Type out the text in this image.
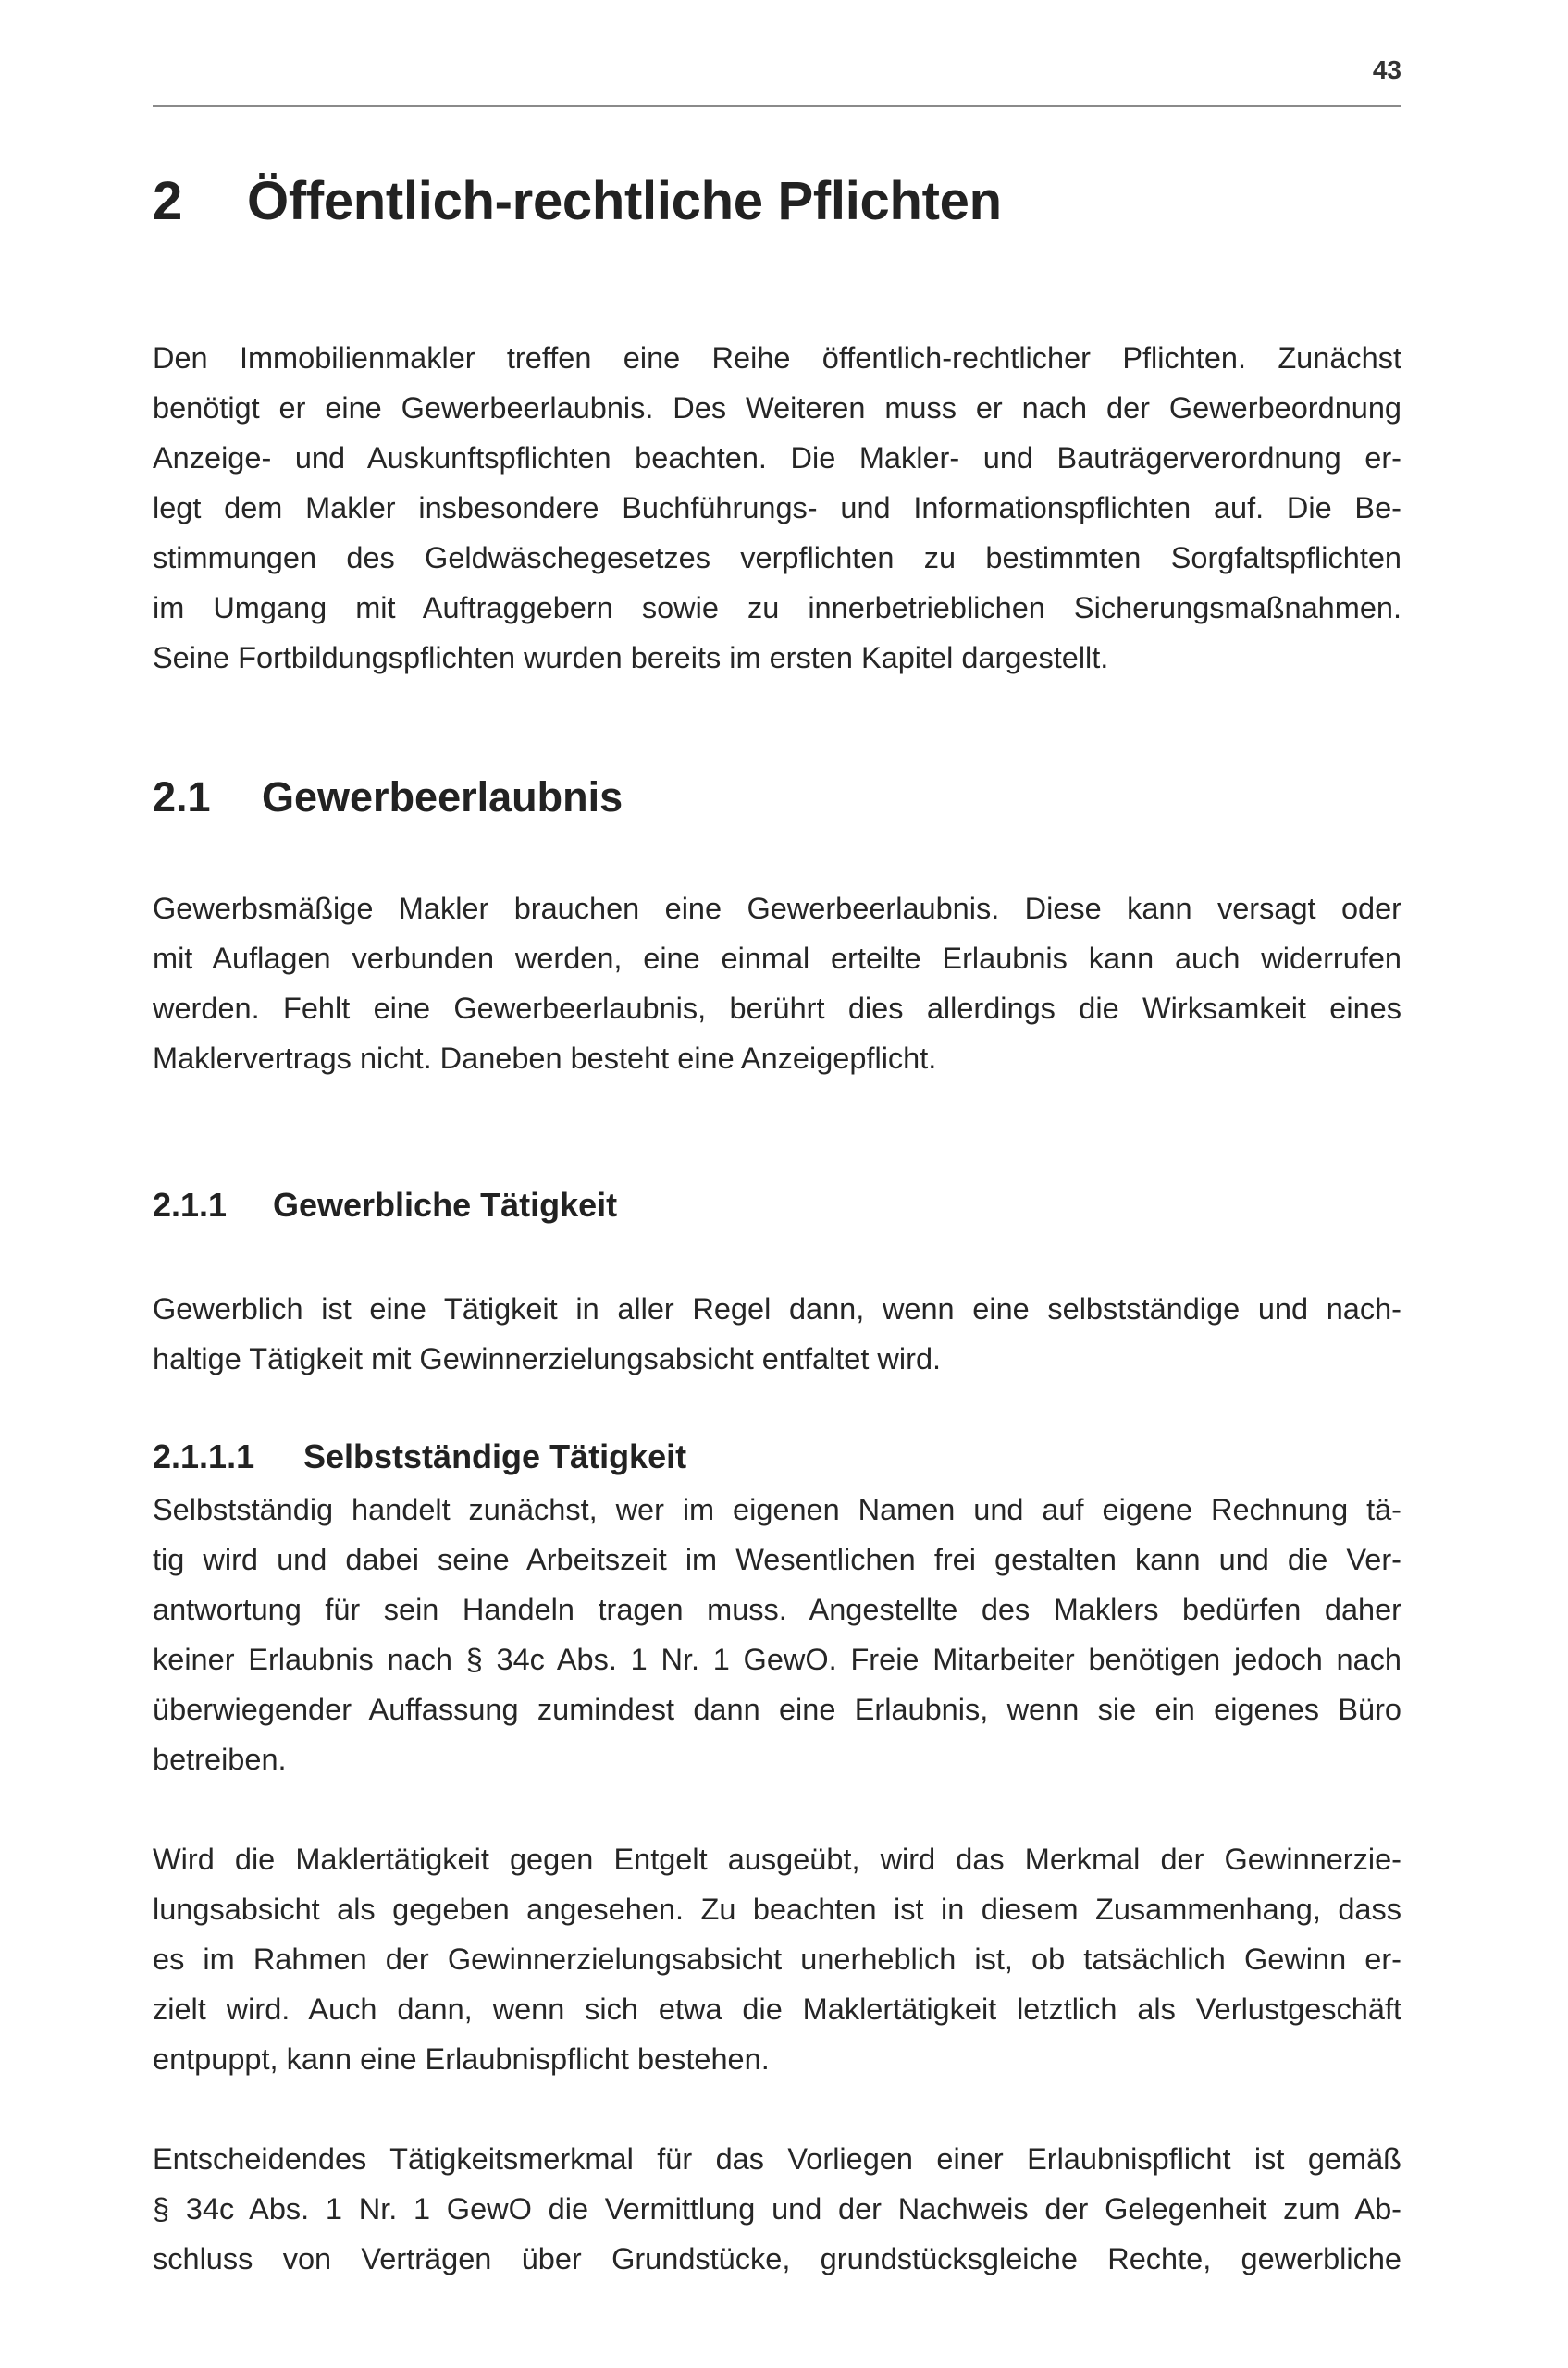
43
2 Öffentlich-rechtliche Pflichten
Den Immobilienmakler treffen eine Reihe öffentlich-rechtlicher Pflichten. Zunächst
benötigt er eine Gewerbeerlaubnis. Des Weiteren muss er nach der Gewerbeordnung
Anzeige- und Auskunftspflichten beachten. Die Makler- und Bauträgerverordnung er-
legt dem Makler insbesondere Buchführungs- und Informationspflichten auf. Die Be-
stimmungen des Geldwäschegesetzes verpflichten zu bestimmten Sorgfaltspflichten
im Umgang mit Auftraggebern sowie zu innerbetrieblichen Sicherungsmaßnahmen.
Seine Fortbildungspflichten wurden bereits im ersten Kapitel dargestellt.
2.1 Gewerbeerlaubnis
Gewerbsmäßige Makler brauchen eine Gewerbeerlaubnis. Diese kann versagt oder
mit Auflagen verbunden werden, eine einmal erteilte Erlaubnis kann auch widerrufen
werden. Fehlt eine Gewerbeerlaubnis, berührt dies allerdings die Wirksamkeit eines
Maklervertrags nicht. Daneben besteht eine Anzeigepflicht.
2.1.1 Gewerbliche Tätigkeit
Gewerblich ist eine Tätigkeit in aller Regel dann, wenn eine selbstständige und nach-
haltige Tätigkeit mit Gewinnerzielungsabsicht entfaltet wird.
2.1.1.1 Selbstständige Tätigkeit
Selbstständig handelt zunächst, wer im eigenen Namen und auf eigene Rechnung tä-
tig wird und dabei seine Arbeitszeit im Wesentlichen frei gestalten kann und die Ver-
antwortung für sein Handeln tragen muss. Angestellte des Maklers bedürfen daher
keiner Erlaubnis nach § 34c Abs. 1 Nr. 1 GewO. Freie Mitarbeiter benötigen jedoch nach
überwiegender Auffassung zumindest dann eine Erlaubnis, wenn sie ein eigenes Büro
betreiben.
Wird die Maklertätigkeit gegen Entgelt ausgeübt, wird das Merkmal der Gewinnerzie-
lungsabsicht als gegeben angesehen. Zu beachten ist in diesem Zusammenhang, dass
es im Rahmen der Gewinnerzielungsabsicht unerheblich ist, ob tatsächlich Gewinn er-
zielt wird. Auch dann, wenn sich etwa die Maklertätigkeit letztlich als Verlustgeschäft
entpuppt, kann eine Erlaubnispflicht bestehen.
Entscheidendes Tätigkeitsmerkmal für das Vorliegen einer Erlaubnispflicht ist gemäß
§ 34c Abs. 1 Nr. 1 GewO die Vermittlung und der Nachweis der Gelegenheit zum Ab-
schluss von Verträgen über Grundstücke, grundstücksgleiche Rechte, gewerbliche
